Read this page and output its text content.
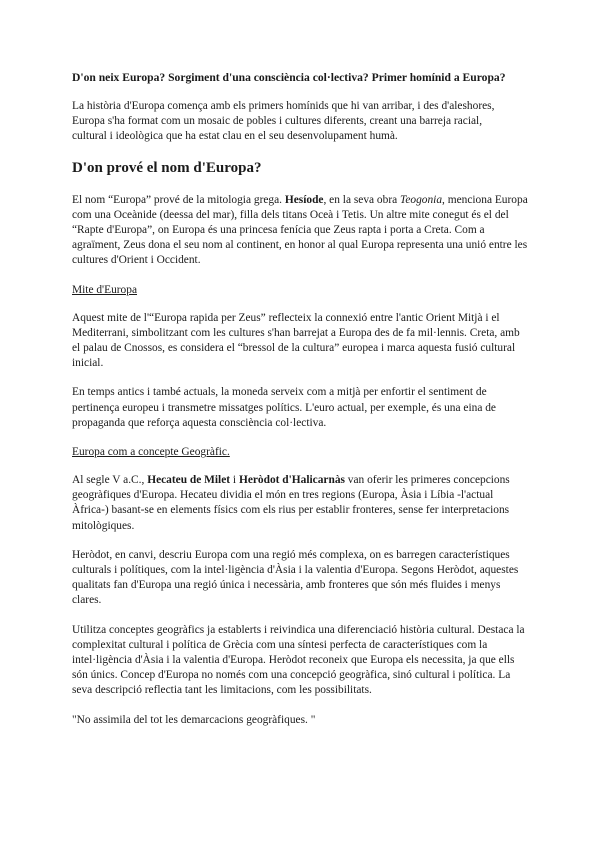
D'on neix Europa? Sorgiment d'una consciència col·lectiva? Primer homínid a Europa?

La història d'Europa comença amb els primers homínids que hi van arribar, i des d'aleshores,

Europa s'ha format com un mosaic de pobles i cultures diferents, creant una barreja racial,

cultural i ideològica que ha estat clau en el seu desenvolupament humà.

D'on prové el nom d'Europa?

El nom “Europa” prové de la mitologia grega. Hesíode, en la seva obra Teogonia, menciona Europa com una Oceànide (deessa del mar), filla dels titans Oceà i Tetis. Un altre mite conegut és el del “Rapte d'Europa”, on Europa és una princesa fenícia que Zeus rapta i porta a Creta. Com a agraïment, Zeus dona el seu nom al continent, en honor al qual Europa representa una unió entre les cultures d'Orient i Occident.

Mite d'Europa

Aquest mite de l'“Europa rapida per Zeus” reflecteix la connexió entre l'antic Orient Mitjà i el Mediterrani, simbolitzant com les cultures s'han barrejat a Europa des de fa mil·lennis. Creta, amb el palau de Cnossos, es considera el “bressol de la cultura” europea i marca aquesta fusió cultural inicial.

En temps antics i també actuals, la moneda serveix com a mitjà per enfortir el sentiment de pertinença europeu i transmetre missatges polítics. L'euro actual, per exemple, és una eina de propaganda que reforça aquesta consciència col·lectiva.

Europa com a concepte Geogràfic.

Al segle V a.C., Hecateu de Milet i Heròdot d'Halicarnàs van oferir les primeres concepcions geogràfiques d'Europa. Hecateu dividia el món en tres regions (Europa, Àsia i Líbia -l'actual Àfrica-) basant-se en elements físics com els rius per establir fronteres, sense fer interpretacions mitològiques.

Heròdot, en canvi, descriu Europa com una regió més complexa, on es barregen característiques culturals i polítiques, com la intel·ligència d'Àsia i la valentia d'Europa. Segons Heròdot, aquestes qualitats fan d'Europa una regió única i necessària, amb fronteres que són més fluides i menys clares.

Utilitza conceptes geogràfics ja establerts i reivindica una diferenciació història cultural. Destaca la complexitat cultural i política de Grècia com una síntesi perfecta de característiques com la intel·ligència d'Àsia i la valentia d'Europa. Heròdot reconeix que Europa els necessita, ja que ells són únics. Concep d'Europa no només com una concepció geogràfica, sinó cultural i política. La seva descripció reflectia tant les limitacions, com les possibilitats.

"No assimila del tot les demarcacions geogràfiques. "
